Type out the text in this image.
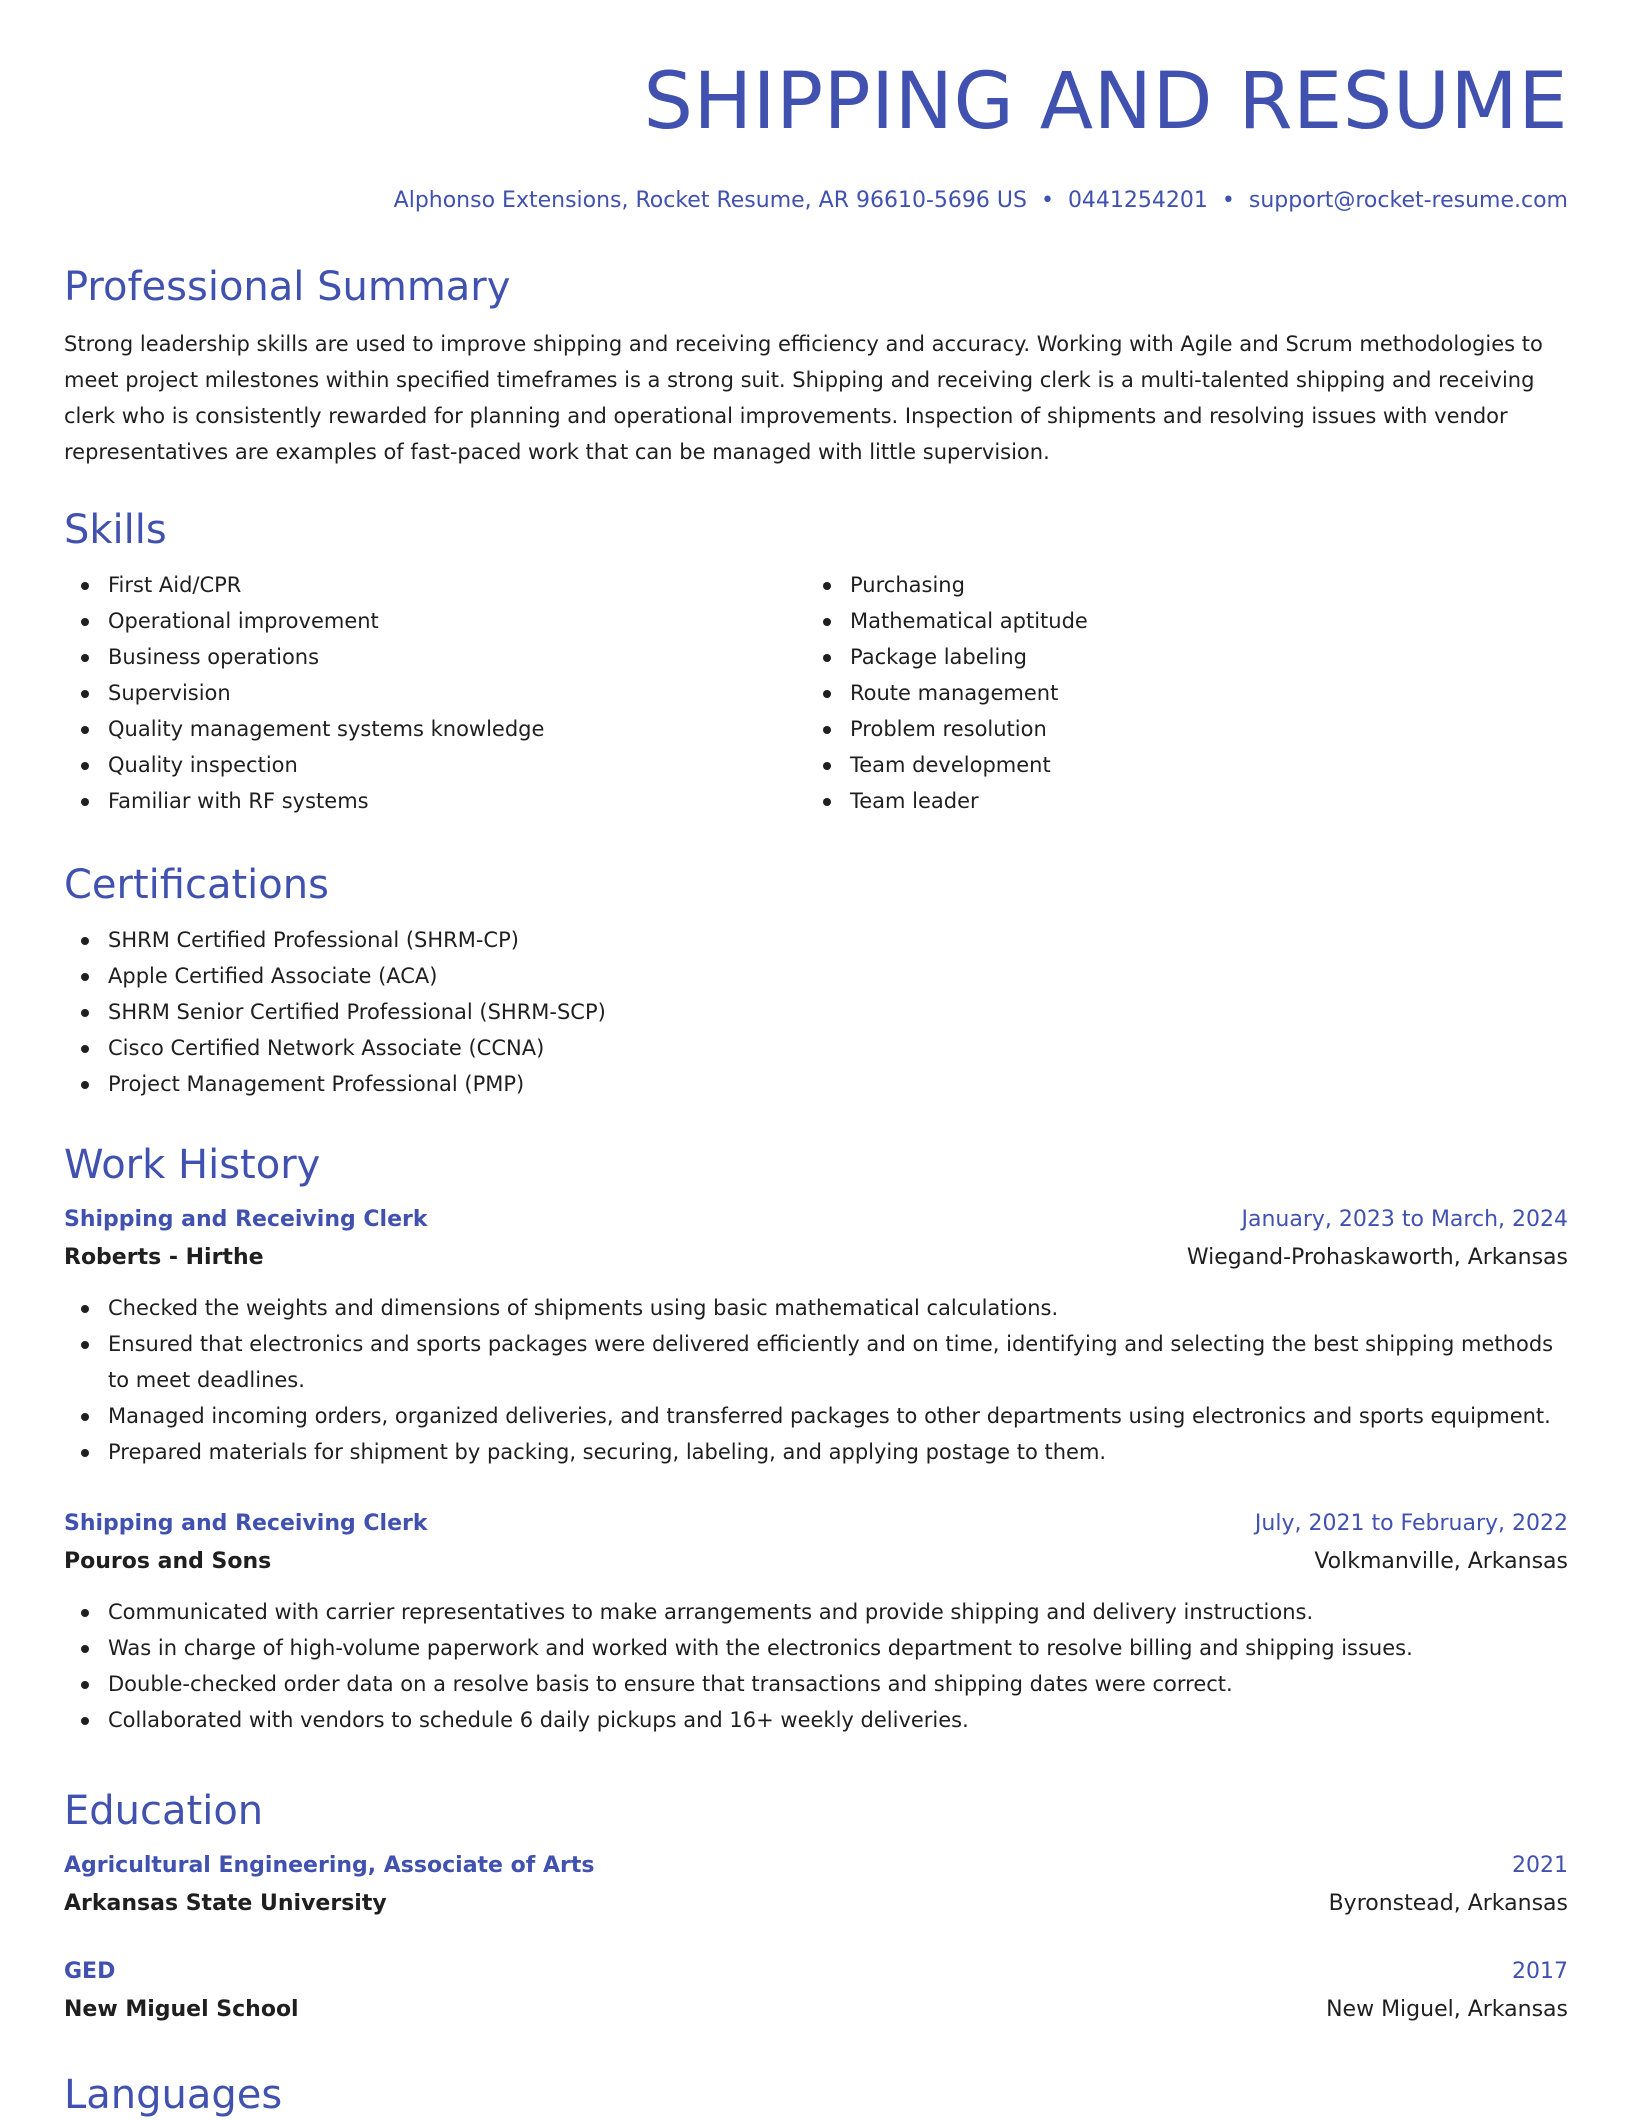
SHIPPING AND RESUME
Alphonso Extensions, Rocket Resume, AR 96610-5696 US • 0441254201 • support@rocket-resume.com
Professional Summary

Strong leadership skills are used to improve shipping and receiving efficiency and accuracy. Working with Agile and Scrum methodologies to meet project milestones within specified timeframes is a strong suit. Shipping and receiving clerk is a multi-talented shipping and receiving clerk who is consistently rewarded for planning and operational improvements. Inspection of shipments and resolving issues with vendor representatives are examples of fast-paced work that can be managed with little supervision.

Skills
First Aid/CPR
Operational improvement
Business operations
Supervision
Quality management systems knowledge
Quality inspection
Familiar with RF systems
Purchasing
Mathematical aptitude
Package labeling
Route management
Problem resolution
Team development
Team leader
Certifications
SHRM Certified Professional (SHRM-CP)
Apple Certified Associate (ACA)
SHRM Senior Certified Professional (SHRM-SCP)
Cisco Certified Network Associate (CCNA)
Project Management Professional (PMP)
Work History
Shipping and Receiving Clerk	January, 2023 to March, 2024
Roberts - Hirthe	Wiegand-Prohaskaworth, Arkansas
Checked the weights and dimensions of shipments using basic mathematical calculations.
Ensured that electronics and sports packages were delivered efficiently and on time, identifying and selecting the best shipping methods to meet deadlines.
Managed incoming orders, organized deliveries, and transferred packages to other departments using electronics and sports equipment.
Prepared materials for shipment by packing, securing, labeling, and applying postage to them.
Shipping and Receiving Clerk	July, 2021 to February, 2022
Pouros and Sons	Volkmanville, Arkansas
Communicated with carrier representatives to make arrangements and provide shipping and delivery instructions.
Was in charge of high-volume paperwork and worked with the electronics department to resolve billing and shipping issues.
Double-checked order data on a resolve basis to ensure that transactions and shipping dates were correct.
Collaborated with vendors to schedule 6 daily pickups and 16+ weekly deliveries.
Education
Agricultural Engineering, Associate of Arts	2021
Arkansas State University	Byronstead, Arkansas
GED	2017
New Miguel School	New Miguel, Arkansas
Languages
